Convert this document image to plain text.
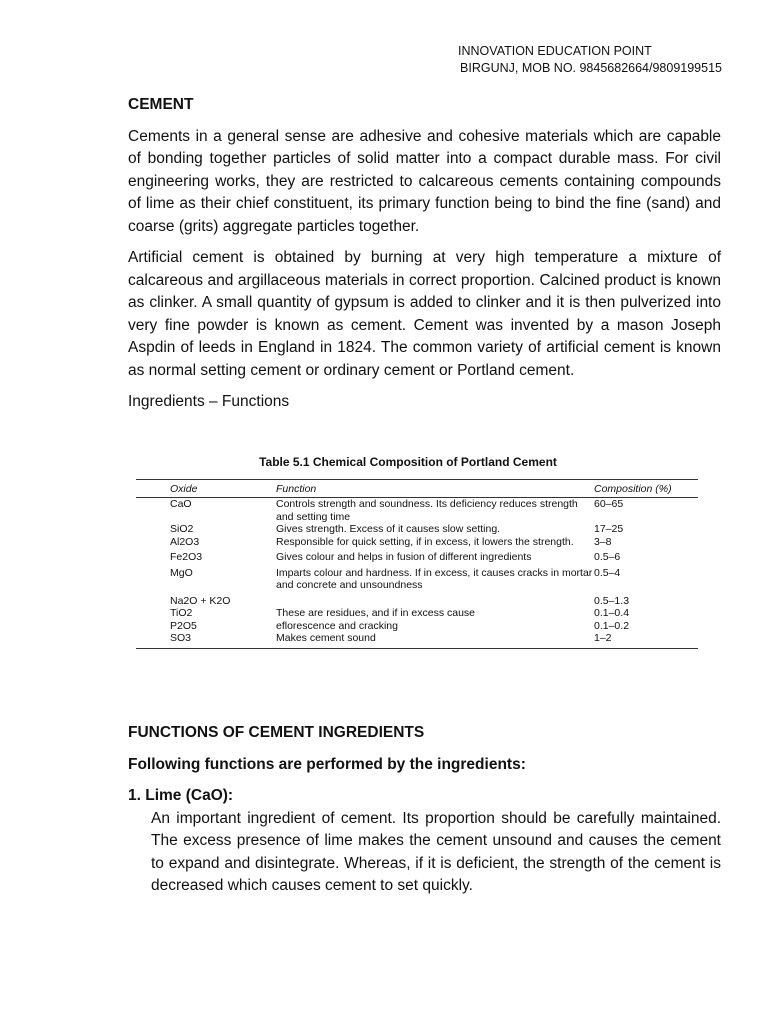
INNOVATION EDUCATION POINT
BIRGUNJ, MOB NO. 9845682664/9809199515
CEMENT

Cements in a general sense are adhesive and cohesive materials which are capable of bonding together particles of solid matter into a compact durable mass. For civil engineering works, they are restricted to calcareous cements containing compounds of lime as their chief constituent, its primary function being to bind the fine (sand) and coarse (grits) aggregate particles together.

Artificial cement is obtained by burning at very high temperature a mixture of calcareous and argillaceous materials in correct proportion. Calcined product is known as clinker. A small quantity of gypsum is added to clinker and it is then pulverized into very fine powder is known as cement. Cement was invented by a mason Joseph Aspdin of leeds in England in 1824. The common variety of artificial cement is known as normal setting cement or ordinary cement or Portland cement.

Ingredients – Functions

Table 5.1 Chemical Composition of Portland Cement
Oxide	Function	Composition (%)
CaO	Controls strength and soundness. Its deficiency reduces strength and setting time	60–65
SiO2	Gives strength. Excess of it causes slow setting.	17–25
Al2O3	Responsible for quick setting, if in excess, it lowers the strength.	3–8
Fe2O3	Gives colour and helps in fusion of different ingredients	0.5–6
MgO	Imparts colour and hardness. If in excess, it causes cracks in mortar and concrete and unsoundness	0.5–4
Na2O + K2O		0.5–1.3
TiO2	These are residues, and if in excess cause	0.1–0.4
P2O5	eflorescence and cracking	0.1–0.2
SO3	Makes cement sound	1–2
FUNCTIONS OF CEMENT INGREDIENTS
Following functions are performed by the ingredients:
1. Lime (CaO):
An important ingredient of cement. Its proportion should be carefully maintained. The excess presence of lime makes the cement unsound and causes the cement to expand and disintegrate. Whereas, if it is deficient, the strength of the cement is decreased which causes cement to set quickly.
